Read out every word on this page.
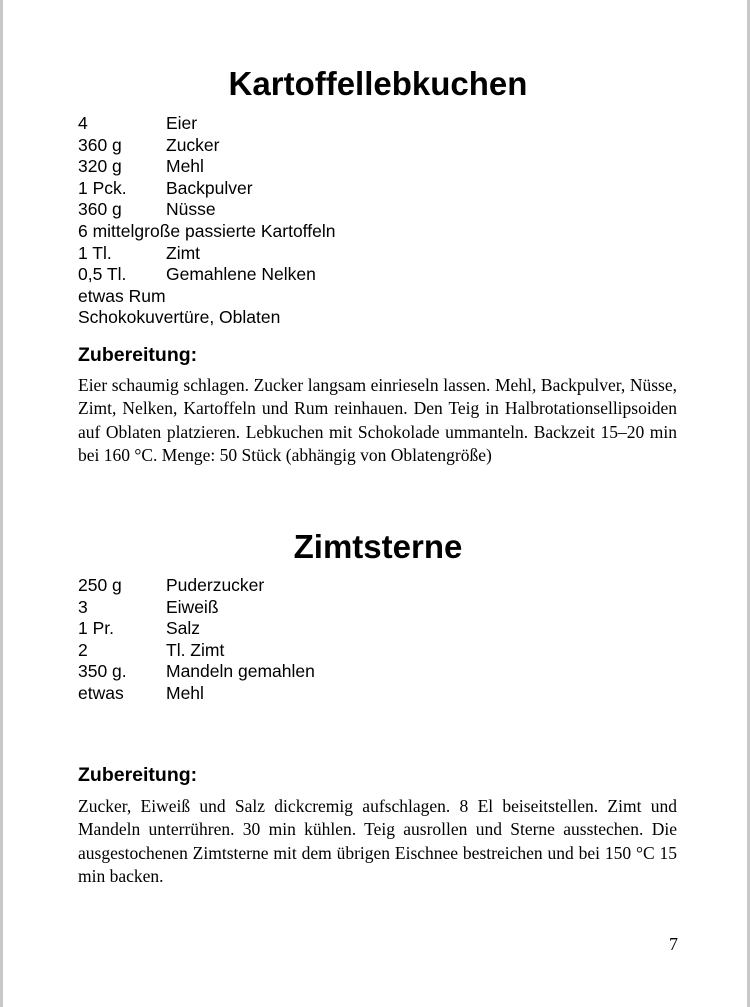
Kartoffellebkuchen
4	Eier
360 g	Zucker
320 g	Mehl
1 Pck. Backpulver
360 g	Nüsse
6 mittelgroße passierte Kartoffeln
1 Tl.	Zimt
0,5 Tl. Gemahlene Nelken
etwas Rum
Schokokuvertüre, Oblaten
Zubereitung:

Eier schaumig schlagen. Zucker langsam einrieseln lassen. Mehl, Backpulver, Nüsse, Zimt, Nelken, Kartoffeln und Rum reinhauen. Den Teig in Halbrotationsellipsoiden auf Oblaten platzieren. Lebkuchen mit Schokolade ummanteln. Backzeit 15–20 min bei 160 °C. Menge: 50 Stück (abhängig von Oblatengröße)

Zimtsterne
250 g	Puderzucker
3	Eiweiß
1 Pr.	Salz
2	Tl. Zimt
350 g. Mandeln gemahlen
etwas Mehl
Zubereitung:

Zucker, Eiweiß und Salz dickcremig aufschlagen. 8 El beiseitstellen. Zimt und Mandeln unterrühren. 30 min kühlen. Teig ausrollen und Sterne ausstechen. Die ausgestochenen Zimtsterne mit dem übrigen Eischnee bestreichen und bei 150 °C 15 min backen.

7
